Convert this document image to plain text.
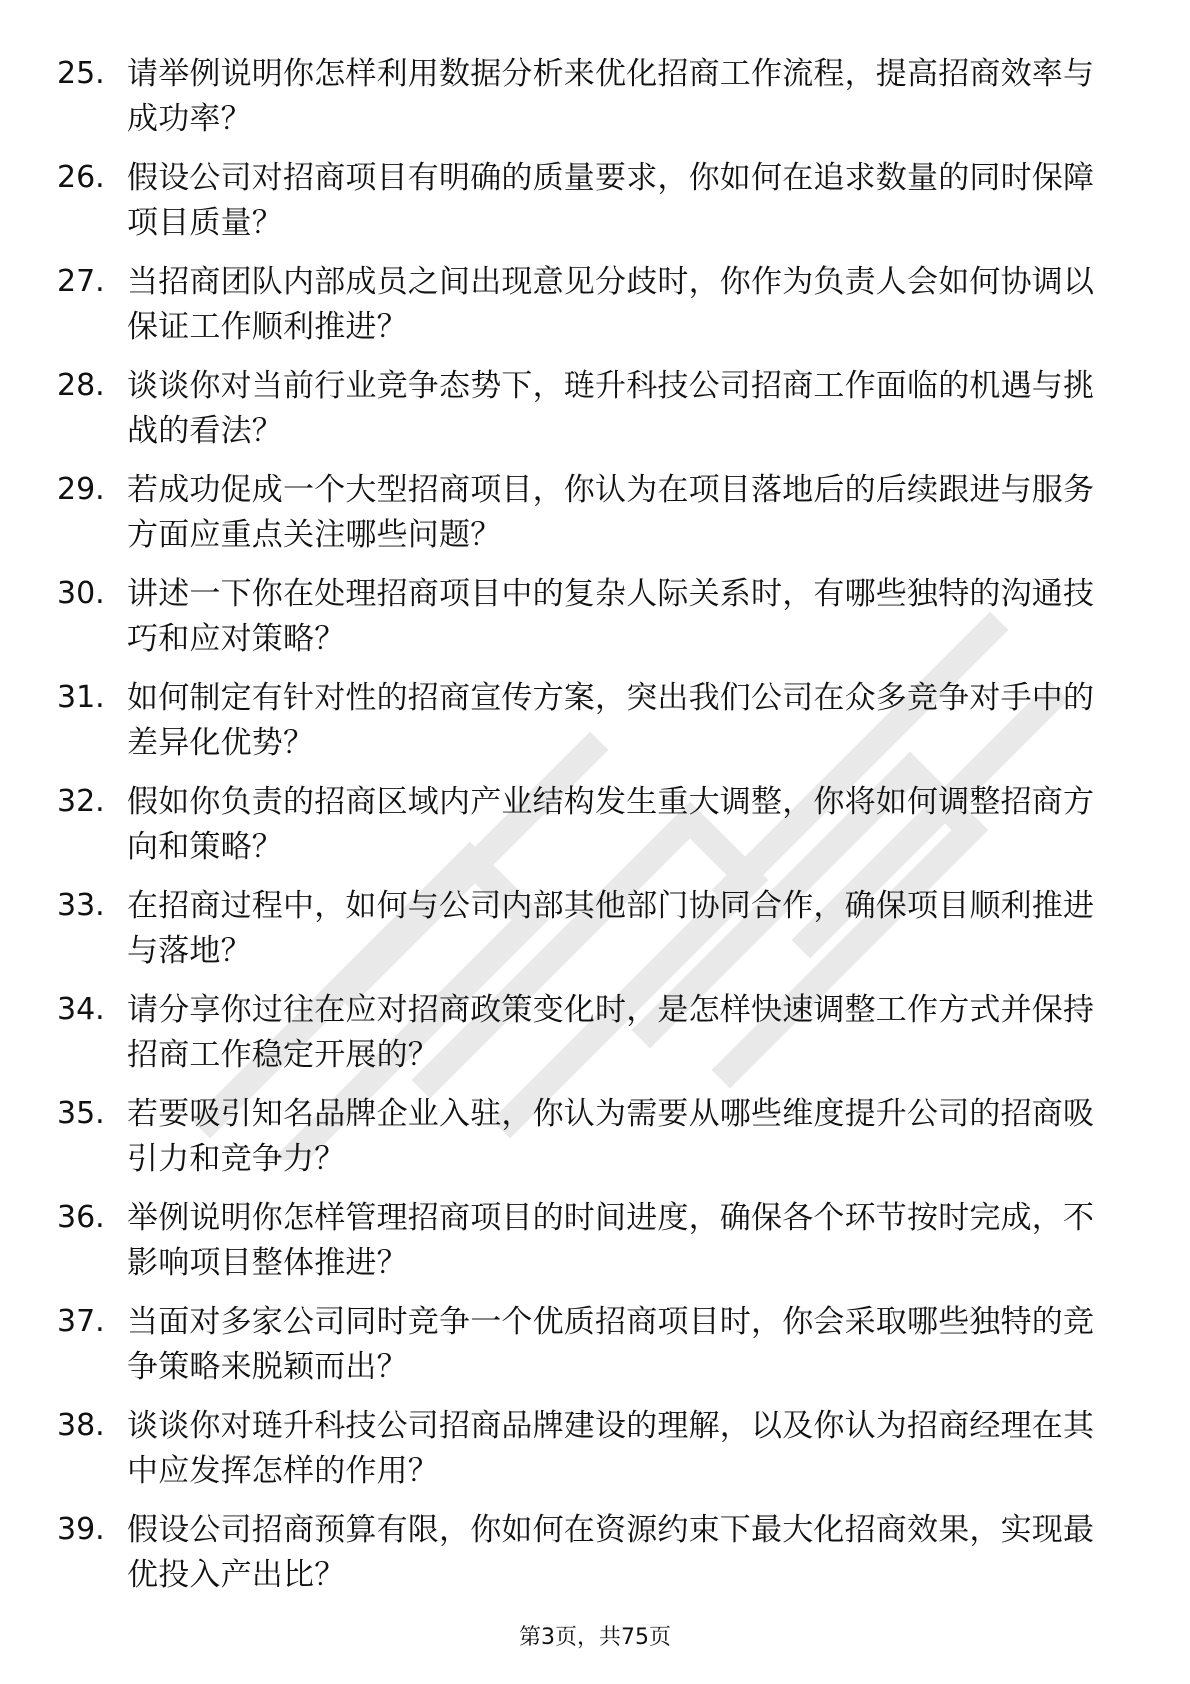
25. 请举例说明你怎样利用数据分析来优化招商工作流程，提高招商效率与成功率？
26. 假设公司对招商项目有明确的质量要求，你如何在追求数量的同时保障项目质量？
27. 当招商团队内部成员之间出现意见分歧时，你作为负责人会如何协调以保证工作顺利推进？
28. 谈谈你对当前行业竞争态势下，琏升科技公司招商工作面临的机遇与挑战的看法？
29. 若成功促成一个大型招商项目，你认为在项目落地后的后续跟进与服务方面应重点关注哪些问题？
30. 讲述一下你在处理招商项目中的复杂人际关系时，有哪些独特的沟通技巧和应对策略？
31. 如何制定有针对性的招商宣传方案，突出我们公司在众多竞争对手中的差异化优势？
32. 假如你负责的招商区域内产业结构发生重大调整，你将如何调整招商方向和策略？
33. 在招商过程中，如何与公司内部其他部门协同合作，确保项目顺利推进与落地？
34. 请分享你过往在应对招商政策变化时，是怎样快速调整工作方式并保持招商工作稳定开展的？
35. 若要吸引知名品牌企业入驻，你认为需要从哪些维度提升公司的招商吸引力和竞争力？
36. 举例说明你怎样管理招商项目的时间进度，确保各个环节按时完成，不影响项目整体推进？
37. 当面对多家公司同时竞争一个优质招商项目时，你会采取哪些独特的竞争策略来脱颖而出？
38. 谈谈你对琏升科技公司招商品牌建设的理解，以及你认为招商经理在其中应发挥怎样的作用？
39. 假设公司招商预算有限，你如何在资源约束下最大化招商效果，实现最优投入产出比？
第3页，共75页
